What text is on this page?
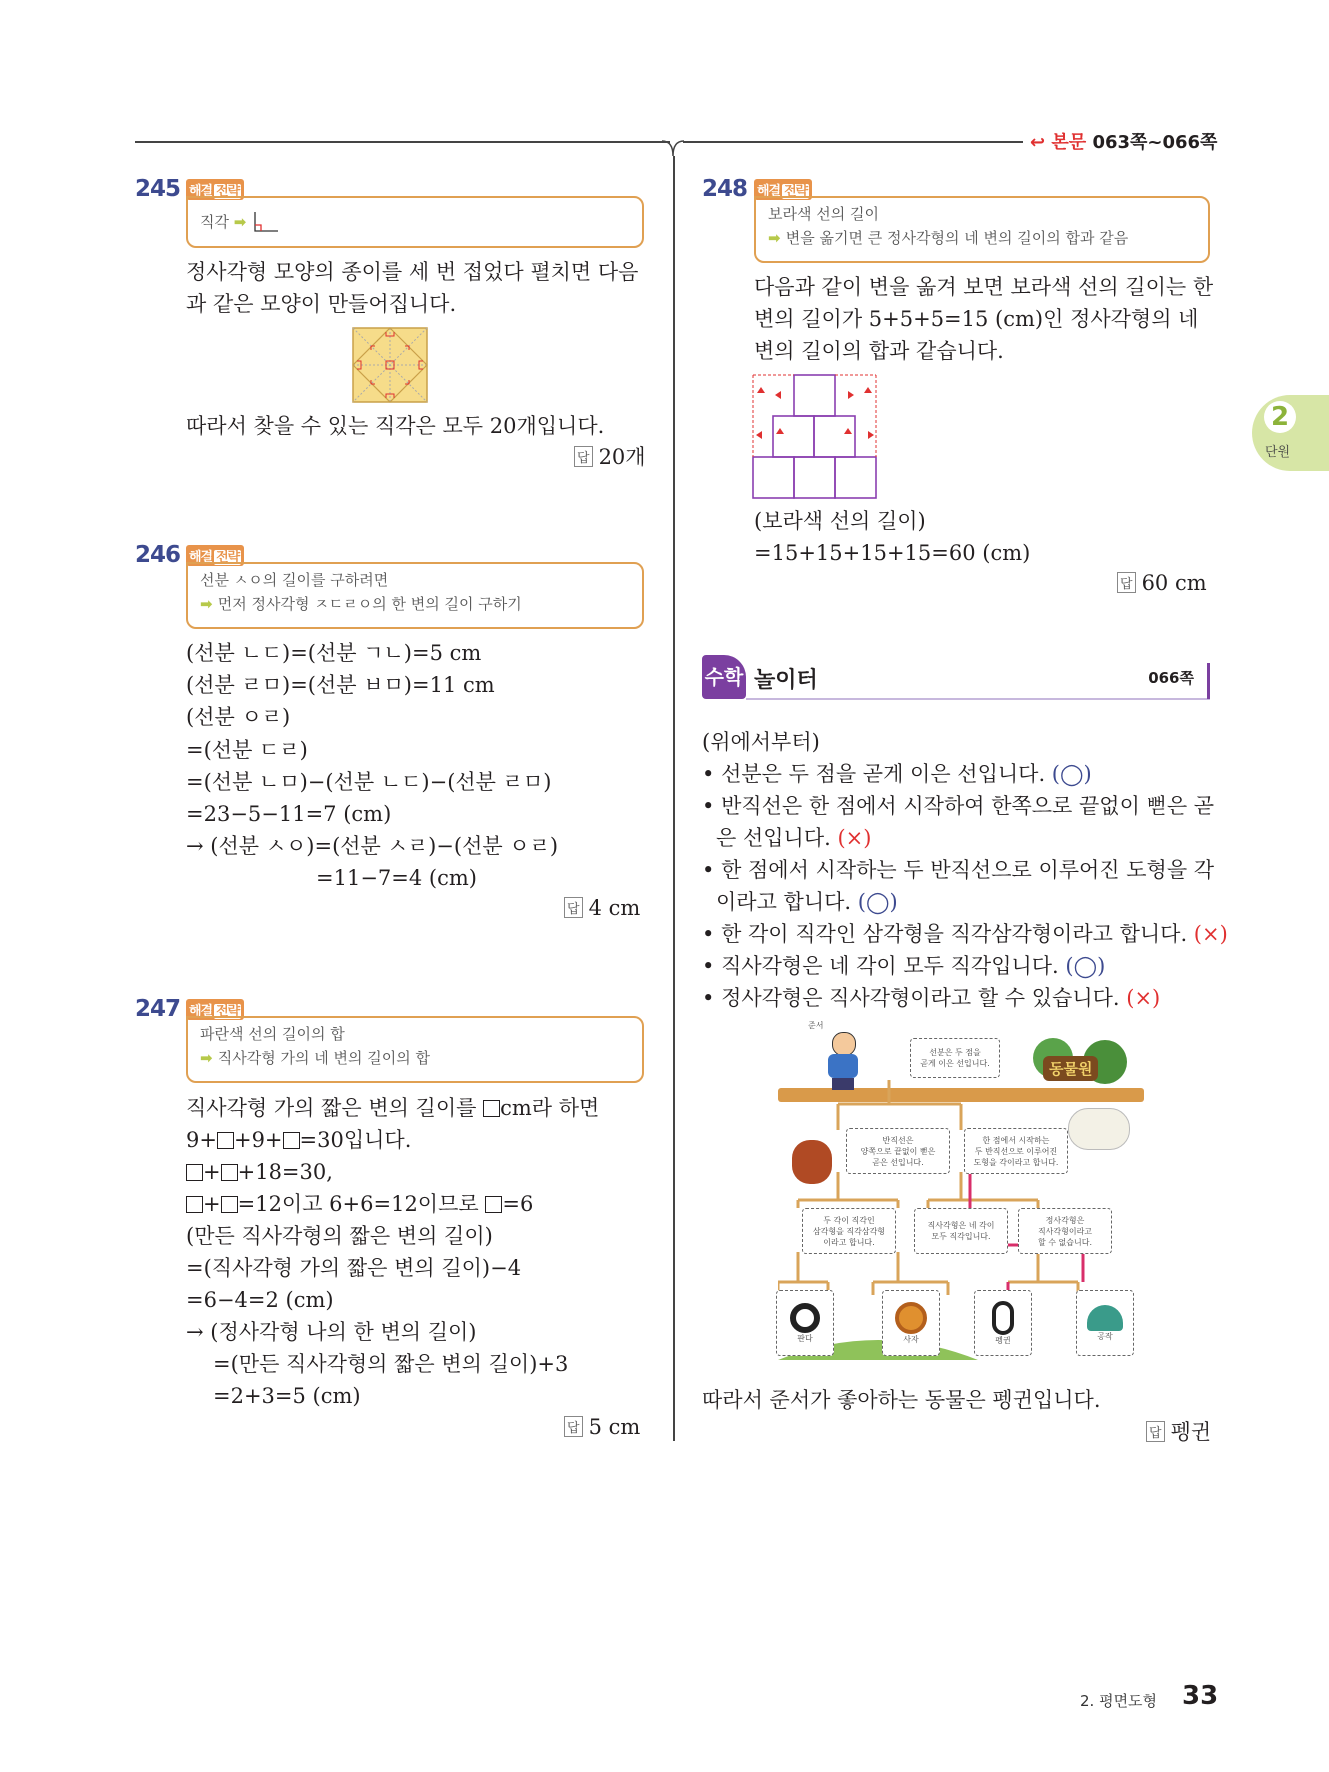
↩ 본문 063쪽~066쪽
2
단원
245 해결 전략
직각 ➡
정사각형 모양의 종이를 세 번 접었다 펼치면 다음
과 같은 모양이 만들어집니다.
따라서 찾을 수 있는 직각은 모두 20개입니다.
답 20개
246 해결 전략
선분 ㅅㅇ의 길이를 구하려면
➡ 먼저 정사각형 ㅈㄷㄹㅇ의 한 변의 길이 구하기
(선분 ㄴㄷ)=(선분 ㄱㄴ)=5 cm
(선분 ㄹㅁ)=(선분 ㅂㅁ)=11 cm
(선분 ㅇㄹ)
=(선분 ㄷㄹ)
=(선분 ㄴㅁ)−(선분 ㄴㄷ)−(선분 ㄹㅁ)
=23−5−11=7 (cm)
→ (선분 ㅅㅇ)=(선분 ㅅㄹ)−(선분 ㅇㄹ)
=11−7=4 (cm)
답 4 cm
247 해결 전략
파란색 선의 길이의 합
➡ 직사각형 가의 네 변의 길이의 합
직사각형 가의 짧은 변의 길이를 cm라 하면
9+ +9+ =30입니다.
+ +18=30,
+ =12이고 6+6=12이므로 =6
(만든 직사각형의 짧은 변의 길이)
=(직사각형 가의 짧은 변의 길이)−4
=6−4=2 (cm)
→ (정사각형 나의 한 변의 길이)
=(만든 직사각형의 짧은 변의 길이)+3
=2+3=5 (cm)
답 5 cm
248 해결 전략
보라색 선의 길이
➡ 변을 옮기면 큰 정사각형의 네 변의 길이의 합과 같음
다음과 같이 변을 옮겨 보면 보라색 선의 길이는 한
변의 길이가 5+5+5=15 (cm)인 정사각형의 네
변의 길이의 합과 같습니다.
(보라색 선의 길이)
=15+15+15+15=60 (cm)
답 60 cm
수학 놀이터	066쪽
(위에서부터)
• 선분은 두 점을 곧게 이은 선입니다. (◯)
• 반직선은 한 점에서 시작하여 한쪽으로 끝없이 뻗은 곧
은 선입니다. (×)
• 한 점에서 시작하는 두 반직선으로 이루어진 도형을 각
이라고 합니다. (◯)
• 한 각이 직각인 삼각형을 직각삼각형이라고 합니다. (×)
• 직사각형은 네 각이 모두 직각입니다. (◯)
• 정사각형은 직사각형이라고 할 수 있습니다. (×)
준서
선분은 두 점을
곧게 이은 선입니다.	동물원
반직선은
양쪽으로 끝없이 뻗은
곧은 선입니다.
한 점에서 시작하는
두 반직선으로 이루어진
도형을 각이라고 합니다.
두 각이 직각인
삼각형을 직각삼각형
이라고 합니다.
직사각형은 네 각이
모두 직각입니다.
정사각형은
직사각형이라고
할 수 없습니다.
판다	사자	펭귄	공작
따라서 준서가 좋아하는 동물은 펭귄입니다.
답 펭귄
2. 평면도형 33
